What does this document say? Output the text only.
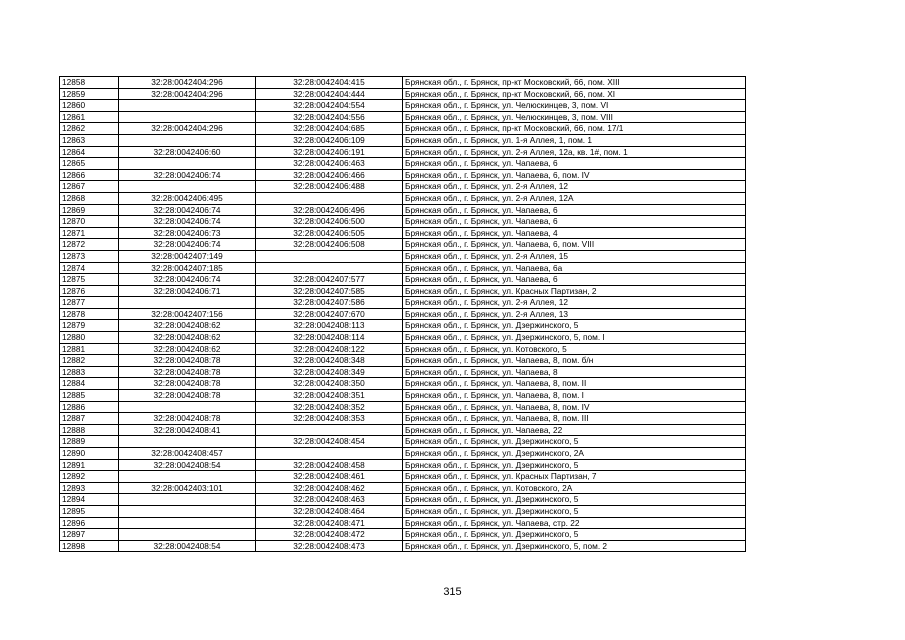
12858	32:28:0042404:296	32:28:0042404:415	Брянская обл., г. Брянск, пр-кт Московский, 66, пом. XIII
12859	32:28:0042404:296	32:28:0042404:444	Брянская обл., г. Брянск, пр-кт Московский, 66, пом. XI
12860		32:28:0042404:554	Брянская обл., г. Брянск, ул. Челюскинцев, 3, пом. VI
12861		32:28:0042404:556	Брянская обл., г. Брянск, ул. Челюскинцев, 3, пом. VIII
12862	32:28:0042404:296	32:28:0042404:685	Брянская обл., г. Брянск, пр-кт Московский, 66, пом. 17/1
12863		32:28:0042406:109	Брянская обл., г. Брянск, ул. 1-я Аллея, 1, пом. 1
12864	32:28:0042406:60	32:28:0042406:191	Брянская обл., г. Брянск, ул. 2-я Аллея, 12а, кв. 1#, пом. 1
12865		32:28:0042406:463	Брянская обл., г. Брянск, ул. Чапаева, 6
12866	32:28:0042406:74	32:28:0042406:466	Брянская обл., г. Брянск, ул. Чапаева, 6, пом. IV
12867		32:28:0042406:488	Брянская обл., г. Брянск, ул. 2-я Аллея, 12
12868	32:28:0042406:495		Брянская обл., г. Брянск, ул. 2-я Аллея, 12А
12869	32:28:0042406:74	32:28:0042406:496	Брянская обл., г. Брянск, ул. Чапаева, 6
12870	32:28:0042406:74	32:28:0042406:500	Брянская обл., г. Брянск, ул. Чапаева, 6
12871	32:28:0042406:73	32:28:0042406:505	Брянская обл., г. Брянск, ул. Чапаева, 4
12872	32:28:0042406:74	32:28:0042406:508	Брянская обл., г. Брянск, ул. Чапаева, 6, пом. VIII
12873	32:28:0042407:149		Брянская обл., г. Брянск, ул. 2-я Аллея, 15
12874	32:28:0042407:185		Брянская обл., г. Брянск, ул. Чапаева, 6а
12875	32:28:0042406:74	32:28:0042407:577	Брянская обл., г. Брянск, ул. Чапаева, 6
12876	32:28:0042406:71	32:28:0042407:585	Брянская обл., г. Брянск, ул. Красных Партизан, 2
12877		32:28:0042407:586	Брянская обл., г. Брянск, ул. 2-я Аллея, 12
12878	32:28:0042407:156	32:28:0042407:670	Брянская обл., г. Брянск, ул. 2-я Аллея, 13
12879	32:28:0042408:62	32:28:0042408:113	Брянская обл., г. Брянск, ул. Дзержинского, 5
12880	32:28:0042408:62	32:28:0042408:114	Брянская обл., г. Брянск, ул. Дзержинского, 5, пом. I
12881	32:28:0042408:62	32:28:0042408:122	Брянская обл., г. Брянск, ул. Котовского, 5
12882	32:28:0042408:78	32:28:0042408:348	Брянская обл., г. Брянск, ул. Чапаева, 8, пом. б/н
12883	32:28:0042408:78	32:28:0042408:349	Брянская обл., г. Брянск, ул. Чапаева, 8
12884	32:28:0042408:78	32:28:0042408:350	Брянская обл., г. Брянск, ул. Чапаева, 8, пом. II
12885	32:28:0042408:78	32:28:0042408:351	Брянская обл., г. Брянск, ул. Чапаева, 8, пом. I
12886		32:28:0042408:352	Брянская обл., г. Брянск, ул. Чапаева, 8, пом. IV
12887	32:28:0042408:78	32:28:0042408:353	Брянская обл., г. Брянск, ул. Чапаева, 8, пом. III
12888	32:28:0042408:41		Брянская обл., г. Брянск, ул. Чапаева, 22
12889		32:28:0042408:454	Брянская обл., г. Брянск, ул. Дзержинского, 5
12890	32:28:0042408:457		Брянская обл., г. Брянск, ул. Дзержинского, 2А
12891	32:28:0042408:54	32:28:0042408:458	Брянская обл., г. Брянск, ул. Дзержинского, 5
12892		32:28:0042408:461	Брянская обл., г. Брянск, ул. Красных Партизан, 7
12893	32:28:0042403:101	32:28:0042408:462	Брянская обл., г. Брянск, ул. Котовского, 2А
12894		32:28:0042408:463	Брянская обл., г. Брянск, ул. Дзержинского, 5
12895		32:28:0042408:464	Брянская обл., г. Брянск, ул. Дзержинского, 5
12896		32:28:0042408:471	Брянская обл., г. Брянск, ул. Чапаева, стр. 22
12897		32:28:0042408:472	Брянская обл., г. Брянск, ул. Дзержинского, 5
12898	32:28:0042408:54	32:28:0042408:473	Брянская обл., г. Брянск, ул. Дзержинского, 5, пом. 2
315
